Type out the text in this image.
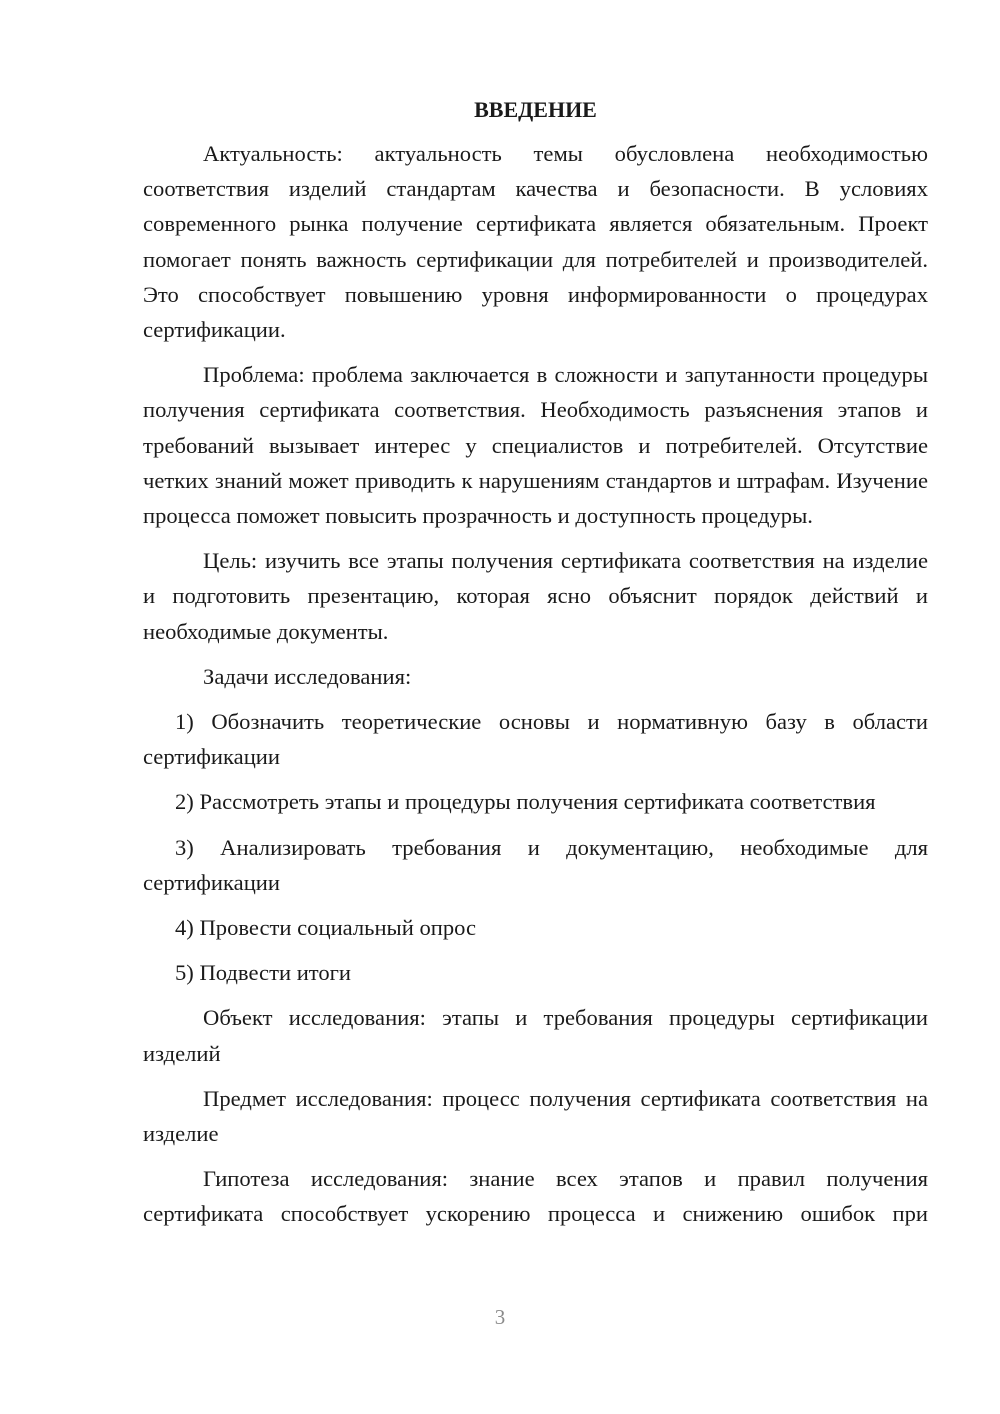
ВВЕДЕНИЕ

Актуальность: актуальность темы обусловлена необходимостью соответствия изделий стандартам качества и безопасности. В условиях современного рынка получение сертификата является обязательным. Проект помогает понять важность сертификации для потребителей и производителей. Это способствует повышению уровня информированности о процедурах сертификации.

Проблема: проблема заключается в сложности и запутанности процедуры получения сертификата соответствия. Необходимость разъяснения этапов и требований вызывает интерес у специалистов и потребителей. Отсутствие четких знаний может приводить к нарушениям стандартов и штрафам. Изучение процесса поможет повысить прозрачность и доступность процедуры.

Цель: изучить все этапы получения сертификата соответствия на изделие и подготовить презентацию, которая ясно объяснит порядок действий и необходимые документы.

Задачи исследования:

1) Обозначить теоретические основы и нормативную базу в области сертификации

2) Рассмотреть этапы и процедуры получения сертификата соответствия

3) Анализировать требования и документацию, необходимые для сертификации

4) Провести социальный опрос

5) Подвести итоги

Объект исследования: этапы и требования процедуры сертификации изделий

Предмет исследования: процесс получения сертификата соответствия на изделие

Гипотеза исследования: знание всех этапов и правил получения сертификата способствует ускорению процесса и снижению ошибок при

3
